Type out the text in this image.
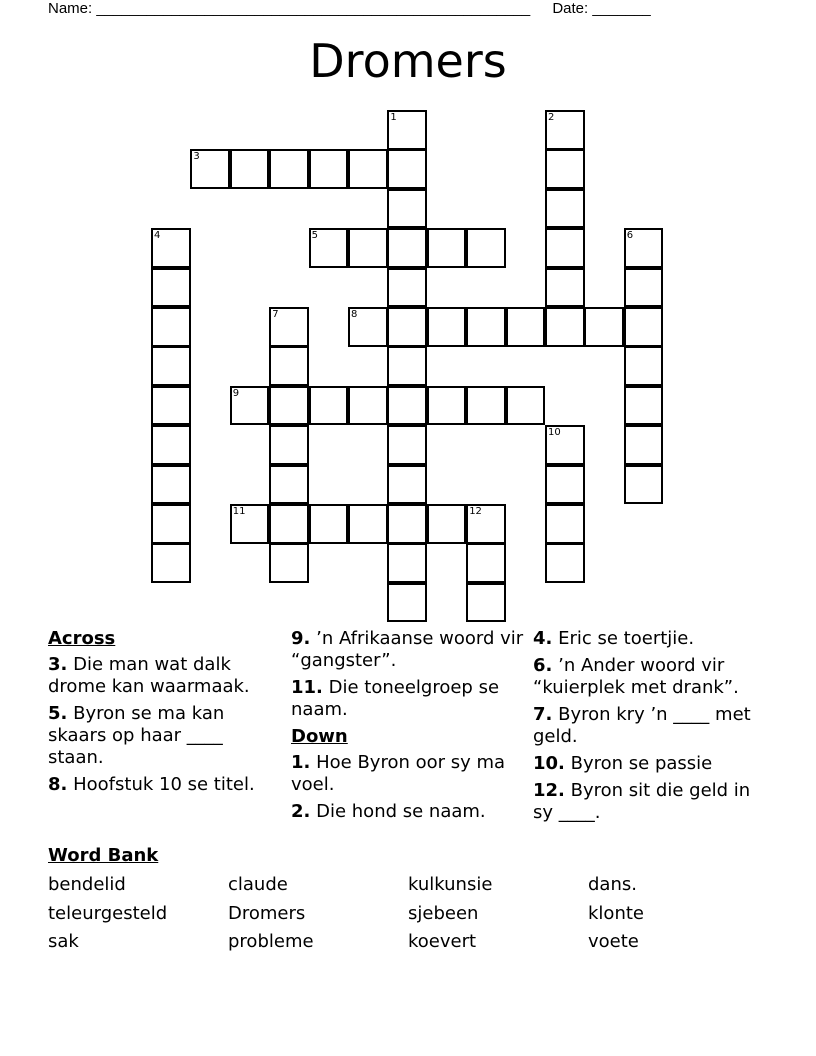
Name: ____________________________________________________ Date: _______
Dromers
3
5
8
9
11	12
1	2
4	6
7
10
Across
3. Die man wat dalk drome kan waarmaak.
5. Byron se ma kan skaars op haar ____ staan.
8. Hoofstuk 10 se titel.
9. ’n Afrikaanse woord vir “gangster”.
11. Die toneelgroep se naam.
Down
1. Hoe Byron oor sy ma voel.
2. Die hond se naam.
4. Eric se toertjie.
6. ’n Ander woord vir “kuierplek met drank”.
7. Byron kry ’n ____ met geld.
10. Byron se passie
12. Byron sit die geld in sy ____.
Word Bank
bendelid	claude	kulkunsie	dans.
teleurgesteld	Dromers	sjebeen	klonte
sak	probleme	koevert	voete
